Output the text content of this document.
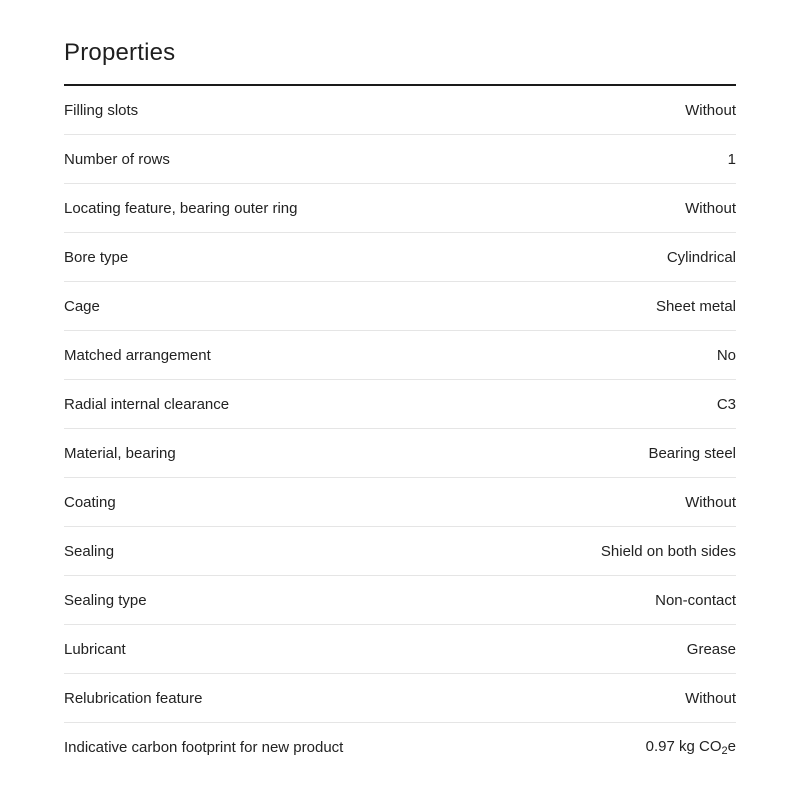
Properties
Filling slots	Without
Number of rows	1
Locating feature, bearing outer ring	Without
Bore type	Cylindrical
Cage	Sheet metal
Matched arrangement	No
Radial internal clearance	C3
Material, bearing	Bearing steel
Coating	Without
Sealing	Shield on both sides
Sealing type	Non-contact
Lubricant	Grease
Relubrication feature	Without
Indicative carbon footprint for new product	0.97 kg $CO_2e$
